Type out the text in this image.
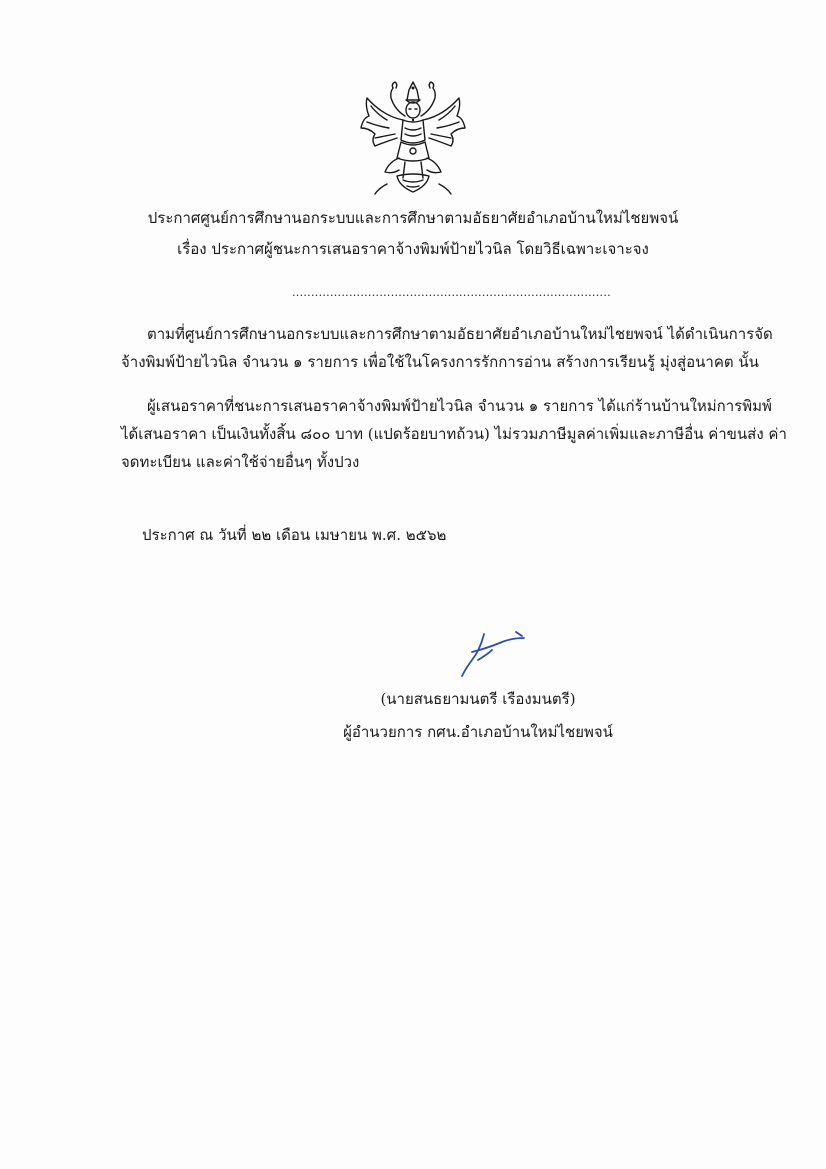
ประกาศศูนย์การศึกษานอกระบบและการศึกษาตามอัธยาศัยอำเภอบ้านใหม่ไชยพจน์
เรื่อง ประกาศผู้ชนะการเสนอราคาจ้างพิมพ์ป้ายไวนิล โดยวิธีเฉพาะเจาะจง
....................................................................................
ตามที่ศูนย์การศึกษานอกระบบและการศึกษาตามอัธยาศัยอำเภอบ้านใหม่ไชยพจน์ ได้ดำเนินการจัด
จ้างพิมพ์ป้ายไวนิล จำนวน ๑ รายการ เพื่อใช้ในโครงการรักการอ่าน สร้างการเรียนรู้ มุ่งสู่อนาคต นั้น
ผู้เสนอราคาที่ชนะการเสนอราคาจ้างพิมพ์ป้ายไวนิล จำนวน ๑ รายการ ได้แก่ร้านบ้านใหม่การพิมพ์
ได้เสนอราคา เป็นเงินทั้งสิ้น ๘๐๐ บาท (แปดร้อยบาทถ้วน) ไม่รวมภาษีมูลค่าเพิ่มและภาษีอื่น ค่าขนส่ง ค่า
จดทะเบียน และค่าใช้จ่ายอื่นๆ ทั้งปวง
ประกาศ ณ วันที่ ๒๒ เดือน เมษายน พ.ศ. ๒๕๖๒
(นายสนธยามนตรี เรืองมนตรี)
ผู้อำนวยการ กศน.อำเภอบ้านใหม่ไชยพจน์
